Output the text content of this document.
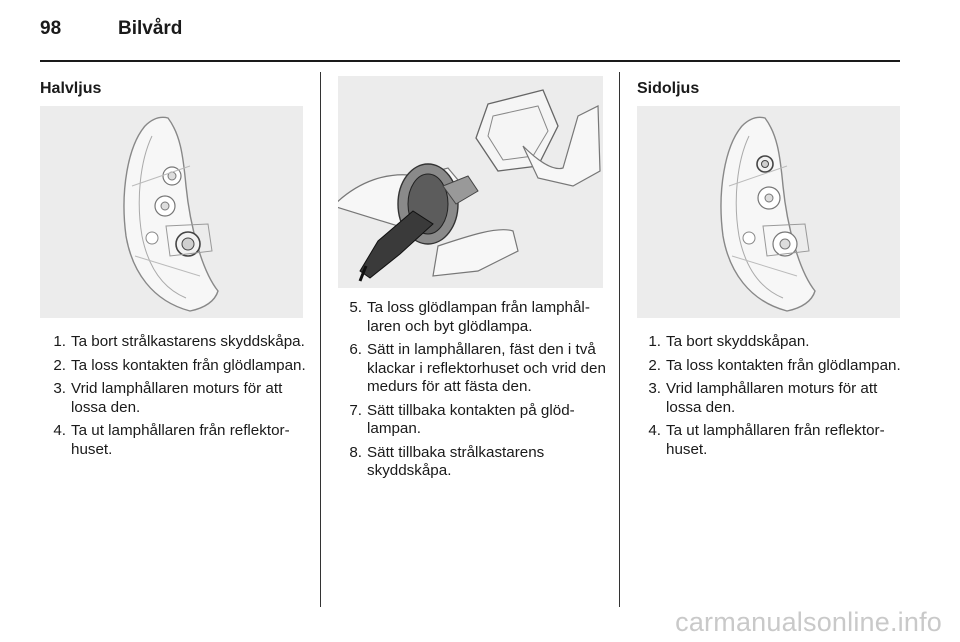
98	Bilvård
Halvljus
1. Ta bort strålkastarens skyddskåpa.
2. Ta loss kontakten från glödlampan.
3. Vrid lamphållaren moturs för att lossa den.
4. Ta ut lamphållaren från reflektorhuset.
5. Ta loss glödlampan från lamphållaren och byt glödlampa.
6. Sätt in lamphållaren, fäst den i två klackar i reflektorhuset och vrid den medurs för att fästa den.
7. Sätt tillbaka kontakten på glödlampan.
8. Sätt tillbaka strålkastarens skyddskåpa.
Sidoljus
1. Ta bort skyddskåpan.
2. Ta loss kontakten från glödlampan.
3. Vrid lamphållaren moturs för att lossa den.
4. Ta ut lamphållaren från reflektorhuset.
carmanualsonline.info
